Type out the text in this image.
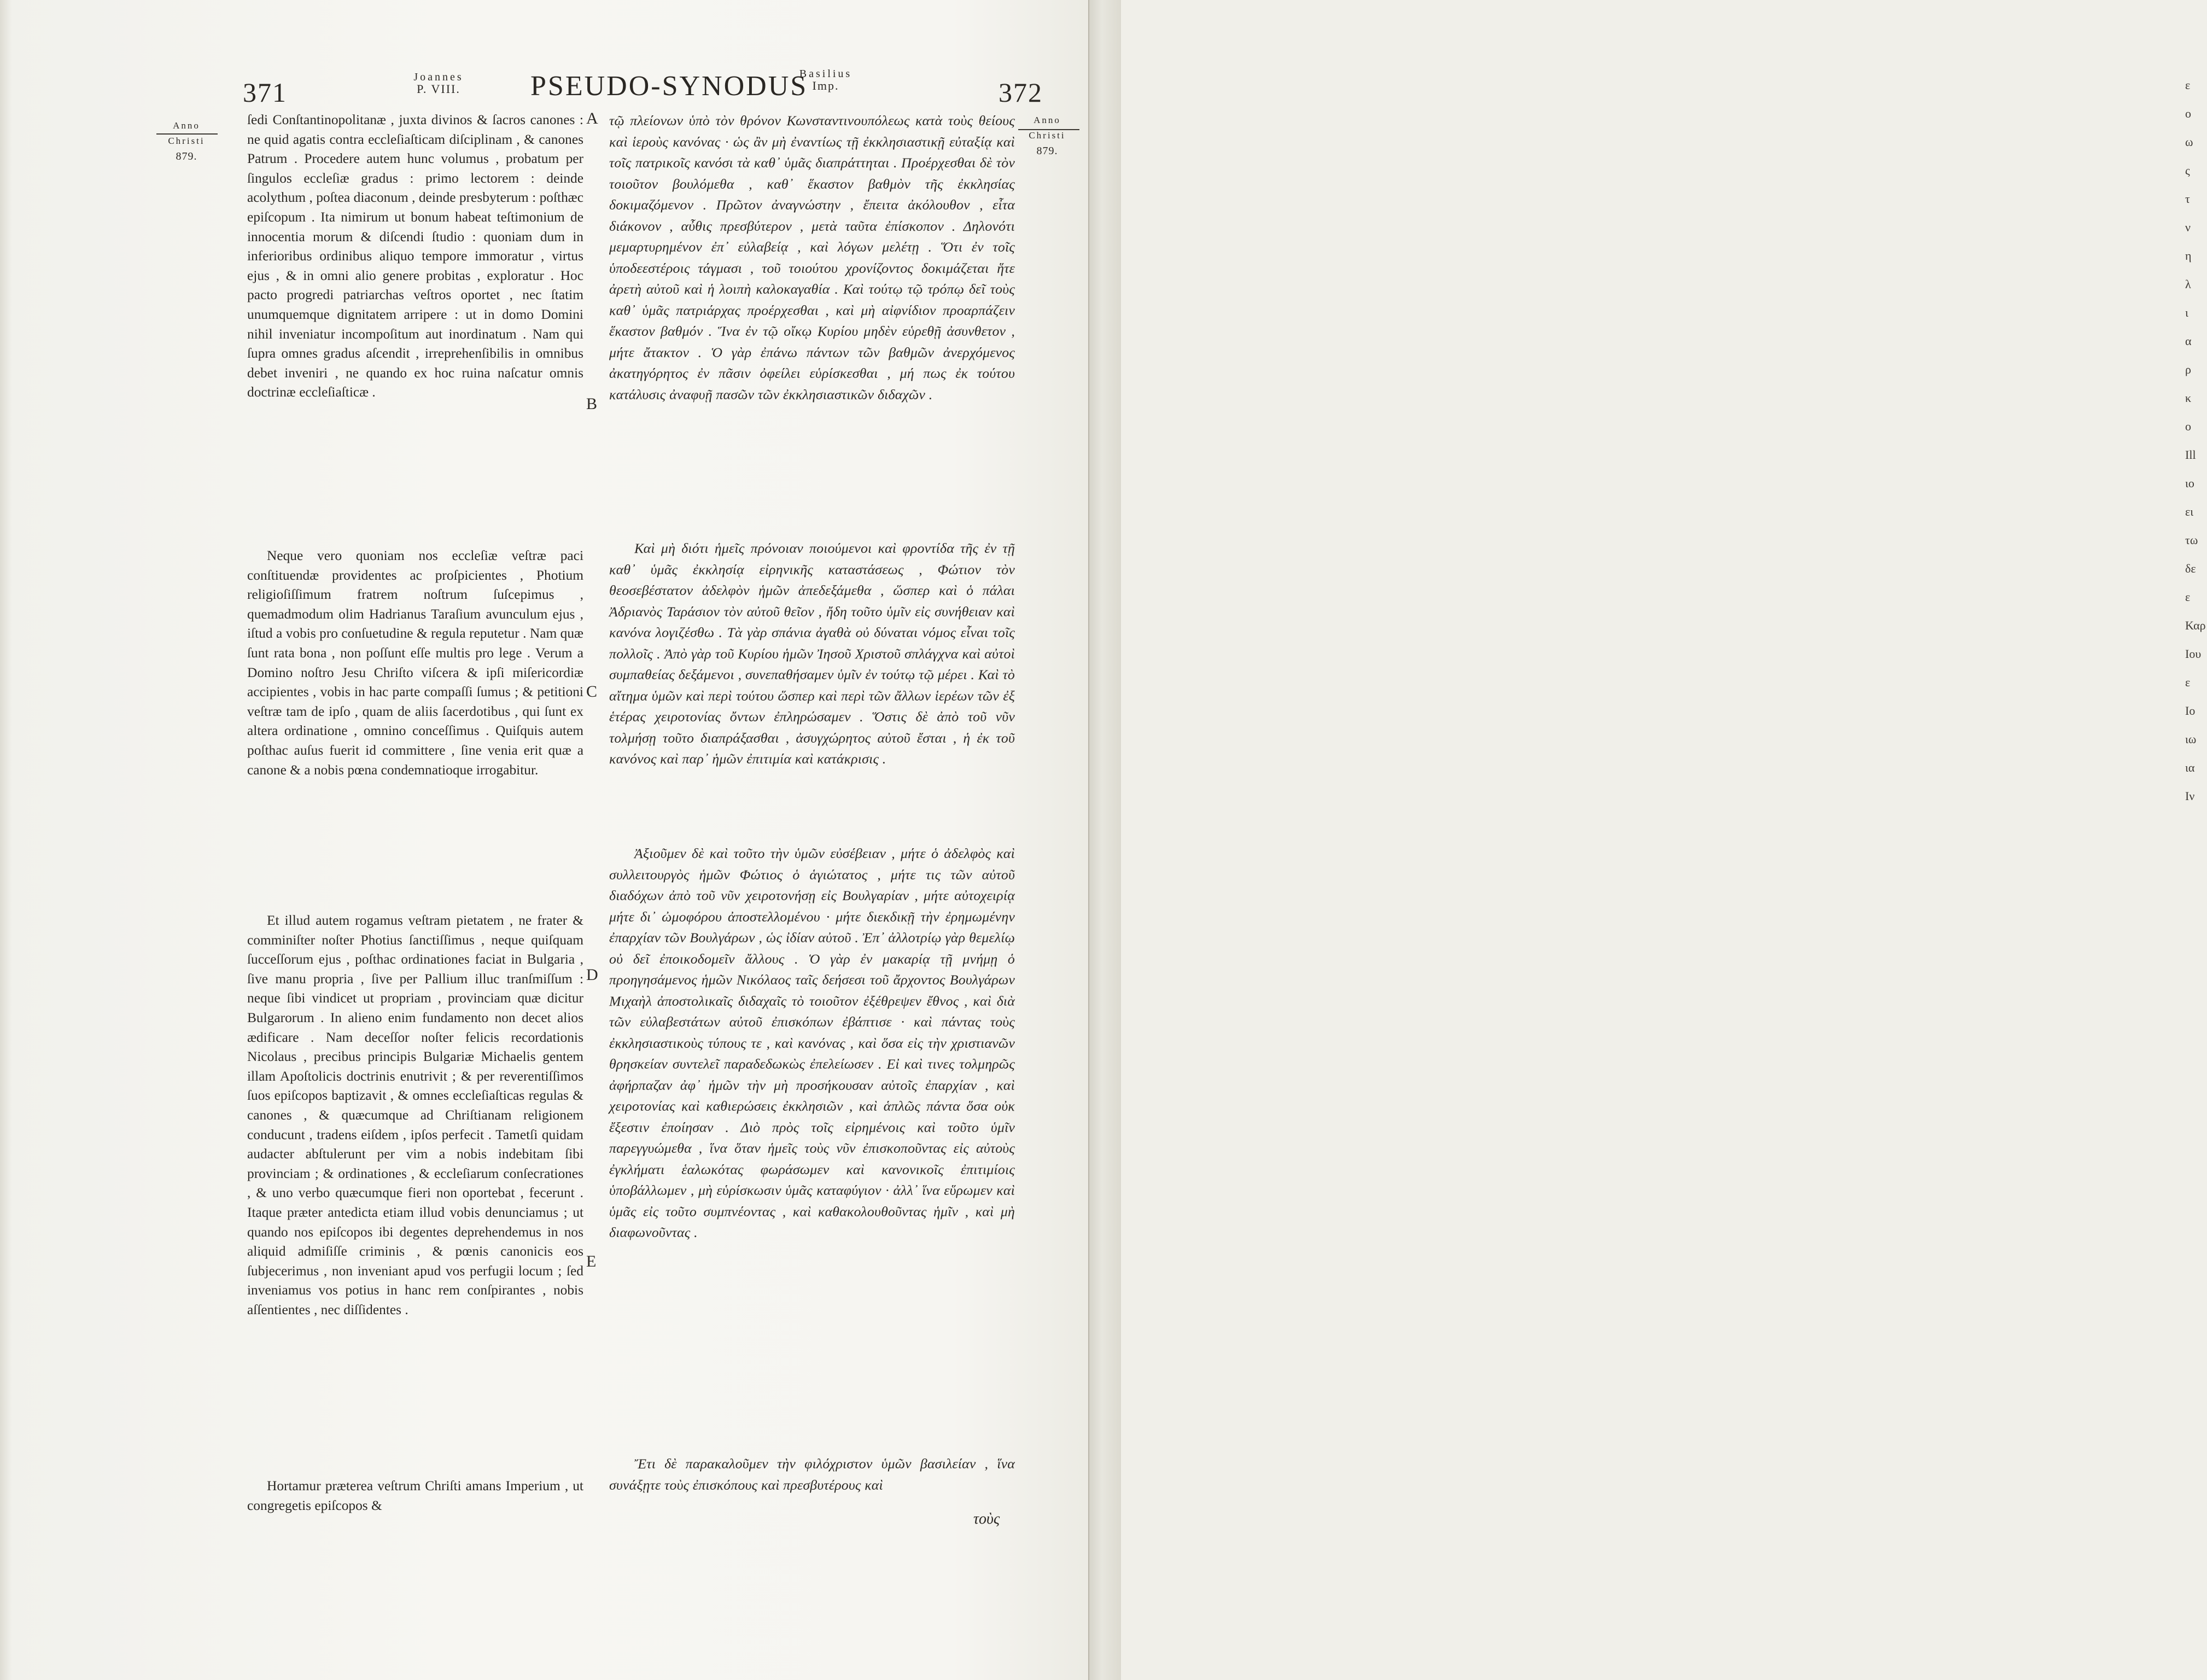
ε
ο
ω
ς
τ
ν
η
λ
ι
α
ρ
κ
ο
Ill
ιο
ει
τω
δε
ε
Καρ
Ιου
ε
Ιο
ιω
ια
Ιν
371	Joannes
P. VIII.	PSEUDO-SYNODUS
Basilius
Imp.	372
Anno
Christi
879.
Anno
Christi
879.

ſedi Conſtantinopolitanæ , juxta divinos & ſacros canones : ne quid agatis contra eccleſiaſticam diſciplinam , & canones Patrum . Procedere autem hunc volumus , probatum per ſingulos eccleſiæ gradus : primo lectorem : deinde acolythum , poſtea diaconum , deinde presbyterum : poſthæc epiſcopum . Ita nimirum ut bonum habeat teſtimonium de innocentia morum & diſcendi ſtudio : quoniam dum in inferioribus ordinibus aliquo tempore immoratur , virtus ejus , & in omni alio genere probitas , exploratur . Hoc pacto progredi patriarchas veſtros oportet , nec ſtatim unumquemque dignitatem arripere : ut in domo Domini nihil inveniatur incompoſitum aut inordinatum . Nam qui ſupra omnes gradus aſcendit , irreprehenſibilis in omnibus debet inveniri , ne quando ex hoc ruina naſcatur omnis doctrinæ eccleſiaſticæ .

Neque vero quoniam nos eccleſiæ veſtræ paci conſtituendæ providentes ac proſpicientes , Photium religioſiſſimum fratrem noſtrum ſuſcepimus , quemadmodum olim Hadrianus Taraſium avunculum ejus , iſtud a vobis pro conſuetudine & regula reputetur . Nam quæ ſunt rata bona , non poſſunt eſſe multis pro lege . Verum a Domino noſtro Jesu Chriſto viſcera & ipſi miſericordiæ accipientes , vobis in hac parte compaſſi ſumus ; & petitioni veſtræ tam de ipſo , quam de aliis ſacerdotibus , qui ſunt ex altera ordinatione , omnino conceſſimus . Quiſquis autem poſthac auſus fuerit id committere , ſine venia erit quæ a canone & a nobis pœna condemnatioque irrogabitur.

Et illud autem rogamus veſtram pietatem , ne frater & comminiſter noſter Photius ſanctiſſimus , neque quiſquam ſucceſſorum ejus , poſthac ordinationes faciat in Bulgaria , ſive manu propria , ſive per Pallium illuc tranſmiſſum : neque ſibi vindicet ut propriam , provinciam quæ dicitur Bulgarorum . In alieno enim fundamento non decet alios ædificare . Nam deceſſor noſter felicis recordationis Nicolaus , precibus principis Bulgariæ Michaelis gentem illam Apoſtolicis doctrinis enutrivit ; & per reverentiſſimos ſuos epiſcopos baptizavit , & omnes eccleſiaſticas regulas & canones , & quæcumque ad Chriſtianam religionem conducunt , tradens eiſdem , ipſos perfecit . Tametſi quidam audacter abſtulerunt per vim a nobis indebitam ſibi provinciam ; & ordinationes , & eccleſiarum conſecrationes , & uno verbo quæcumque fieri non oportebat , fecerunt . Itaque præter antedicta etiam illud vobis denunciamus ; ut quando nos epiſcopos ibi degentes deprehendemus in nos aliquid admiſiſſe criminis , & pœnis canonicis eos ſubjecerimus , non inveniant apud vos perfugii locum ; ſed inveniamus vos potius in hanc rem conſpirantes , nobis aſſentientes , nec diſſidentes .

Hortamur præterea veſtrum Chriſti amans Imperium , ut congregetis epiſcopos &

A
B
C
D
E

τῷ πλείονων ὑπὸ τὸν θρόνον Κωνσταντινουπόλεως κατὰ τοὺς θείους καὶ ἱεροὺς κανόνας · ὡς ἂν μὴ ἐναντίως τῇ ἐκκλησιαστικῇ εὐταξίᾳ καὶ τοῖς πατρικοῖς κανόσι τὰ καθ᾽ ὑμᾶς διαπράττηται . Προέρχεσθαι δὲ τὸν τοιοῦτον βουλόμεθα , καθ᾽ ἕκαστον βαθμὸν τῆς ἐκκλησίας δοκιμαζόμενον . Πρῶτον ἀναγνώστην , ἔπειτα ἀκόλουθον , εἶτα διάκονον , αὖθις πρεσβύτερον , μετὰ ταῦτα ἐπίσκοπον . Δηλονότι μεμαρτυρημένον ἐπ᾽ εὐλαβείᾳ , καὶ λόγων μελέτῃ . Ὅτι ἐν τοῖς ὑποδεεστέροις τάγμασι , τοῦ τοιούτου χρονίζοντος δοκιμάζεται ἥτε ἀρετὴ αὐτοῦ καὶ ἡ λοιπὴ καλοκαγαθία . Καὶ τούτῳ τῷ τρόπῳ δεῖ τοὺς καθ᾽ ὑμᾶς πατριάρχας προέρχεσθαι , καὶ μὴ αἰφνίδιον προαρπάζειν ἕκαστον βαθμόν . Ἵνα ἐν τῷ οἴκῳ Κυρίου μηδὲν εὑρεθῇ ἀσυνθετον , μήτε ἄτακτον . Ὁ γὰρ ἐπάνω πάντων τῶν βαθμῶν ἀνερχόμενος ἀκατηγόρητος ἐν πᾶσιν ὀφείλει εὑρίσκεσθαι , μή πως ἐκ τούτου κατάλυσις ἀναφυῇ πασῶν τῶν ἐκκλησιαστικῶν διδαχῶν .

Καὶ μὴ διότι ἡμεῖς πρόνοιαν ποιούμενοι καὶ φροντίδα τῆς ἐν τῇ καθ᾽ ὑμᾶς ἐκκλησίᾳ εἰρηνικῆς καταστάσεως , Φώτιον τὸν θεοσεβέστατον ἀδελφὸν ἡμῶν ἀπεδεξάμεθα , ὥσπερ καὶ ὁ πάλαι Ἀδριανὸς Ταράσιον τὸν αὐτοῦ θεῖον , ἤδη τοῦτο ὑμῖν εἰς συνήθειαν καὶ κανόνα λογιζέσθω . Τὰ γὰρ σπάνια ἀγαθὰ οὐ δύναται νόμος εἶναι τοῖς πολλοῖς . Ἀπὸ γὰρ τοῦ Κυρίου ἡμῶν Ἰησοῦ Χριστοῦ σπλάγχνα καὶ αὐτοὶ συμπαθείας δεξάμενοι , συνεπαθήσαμεν ὑμῖν ἐν τούτῳ τῷ μέρει . Καὶ τὸ αἴτημα ὑμῶν καὶ περὶ τούτου ὥσπερ καὶ περὶ τῶν ἄλλων ἱερέων τῶν ἐξ ἑτέρας χειροτονίας ὄντων ἐπληρώσαμεν . Ὅστις δὲ ἀπὸ τοῦ νῦν τολμήσῃ τοῦτο διαπράξασθαι , ἀσυγχώρητος αὐτοῦ ἔσται , ἡ ἐκ τοῦ κανόνος καὶ παρ᾽ ἡμῶν ἐπιτιμία καὶ κατάκρισις .

Ἀξιοῦμεν δὲ καὶ τοῦτο τὴν ὑμῶν εὐσέβειαν , μήτε ὁ ἀδελφὸς καὶ συλλειτουργὸς ἡμῶν Φώτιος ὁ ἁγιώτατος , μήτε τις τῶν αὐτοῦ διαδόχων ἀπὸ τοῦ νῦν χειροτονήσῃ εἰς Βουλγαρίαν , μήτε αὐτοχειρίᾳ μήτε δι᾽ ὠμοφόρου ἀποστελλομένου · μήτε διεκδικῇ τὴν ἐρημωμένην ἐπαρχίαν τῶν Βουλγάρων , ὡς ἰδίαν αὐτοῦ . Ἐπ᾽ ἀλλοτρίῳ γὰρ θεμελίῳ οὐ δεῖ ἐποικοδομεῖν ἄλλους . Ὁ γὰρ ἐν μακαρίᾳ τῇ μνήμῃ ὁ προηγησάμενος ἡμῶν Νικόλαος ταῖς δεήσεσι τοῦ ἄρχοντος Βουλγάρων Μιχαὴλ ἀποστολικαῖς διδαχαῖς τὸ τοιοῦτον ἐξέθρεψεν ἔθνος , καὶ διὰ τῶν εὐλαβεστάτων αὐτοῦ ἐπισκόπων ἐβάπτισε · καὶ πάντας τοὺς ἐκκλησιαστικοὺς τύπους τε , καὶ κανόνας , καὶ ὅσα εἰς τὴν χριστιανῶν θρησκείαν συντελεῖ παραδεδωκὼς ἐπελείωσεν . Εἰ καὶ τινες τολμηρῶς ἀφήρπαζαν ἀφ᾽ ἡμῶν τὴν μὴ προσήκουσαν αὐτοῖς ἐπαρχίαν , καὶ χειροτονίας καὶ καθιερώσεις ἐκκλησιῶν , καὶ ἁπλῶς πάντα ὅσα οὐκ ἔξεστιν ἐποίησαν . Διὸ πρὸς τοῖς εἰρημένοις καὶ τοῦτο ὑμῖν παρεγγυώμεθα , ἵνα ὅταν ἡμεῖς τοὺς νῦν ἐπισκοποῦντας εἰς αὐτοὺς ἐγκλήματι ἑαλωκότας φωράσωμεν καὶ κανονικοῖς ἐπιτιμίοις ὑποβάλλωμεν , μὴ εὑρίσκωσιν ὑμᾶς καταφύγιον · ἀλλ᾽ ἵνα εὕρωμεν καὶ ὑμᾶς εἰς τοῦτο συμπνέοντας , καὶ καθακολουθοῦντας ἡμῖν , καὶ μὴ διαφωνοῦντας .

Ἔτι δὲ παρακαλοῦμεν τὴν φιλόχριστον ὑμῶν βασιλείαν , ἵνα συνάξῃτε τοὺς ἐπισκόπους καὶ πρεσβυτέρους καὶ

τοὺς
